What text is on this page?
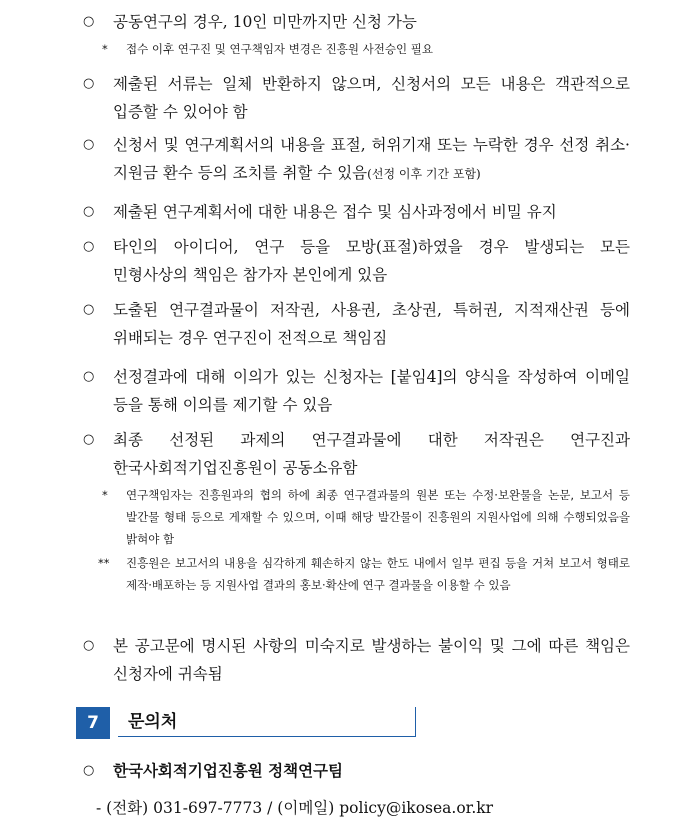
○ 공동연구의 경우, 10인 미만까지만 신청 가능
*	접수 이후 연구진 및 연구책임자 변경은 진흥원 사전승인 필요
○ 제출된 서류는 일체 반환하지 않으며, 신청서의 모든 내용은 객관적으로 입증할 수 있어야 함
○ 신청서 및 연구계획서의 내용을 표절, 허위기재 또는 누락한 경우 선정 취소·지원금 환수 등의 조치를 취할 수 있음(선정 이후 기간 포함)
○ 제출된 연구계획서에 대한 내용은 접수 및 심사과정에서 비밀 유지
○ 타인의 아이디어, 연구 등을 모방(표절)하였을 경우 발생되는 모든 민형사상의 책임은 참가자 본인에게 있음
○ 도출된 연구결과물이 저작권, 사용권, 초상권, 특허권, 지적재산권 등에 위배되는 경우 연구진이 전적으로 책임짐
○ 선정결과에 대해 이의가 있는 신청자는 [붙임4]의 양식을 작성하여 이메일 등을 통해 이의를 제기할 수 있음
○ 최종 선정된 과제의 연구결과물에 대한 저작권은 연구진과 한국사회적기업진흥원이 공동소유함
*	연구책임자는 진흥원과의 협의 하에 최종 연구결과물의 원본 또는 수정·보완물을 논문, 보고서 등 발간물 형태 등으로 게재할 수 있으며, 이때 해당 발간물이 진흥원의 지원사업에 의해 수행되었음을 밝혀야 함
**	진흥원은 보고서의 내용을 심각하게 훼손하지 않는 한도 내에서 일부 편집 등을 거쳐 보고서 형태로 제작·배포하는 등 지원사업 결과의 홍보·확산에 연구 결과물을 이용할 수 있음
○ 본 공고문에 명시된 사항의 미숙지로 발생하는 불이익 및 그에 따른 책임은 신청자에 귀속됨
7	문의처
○ 한국사회적기업진흥원 정책연구팀
- (전화) 031-697-7773 / (이메일) policy@ikosea.or.kr
